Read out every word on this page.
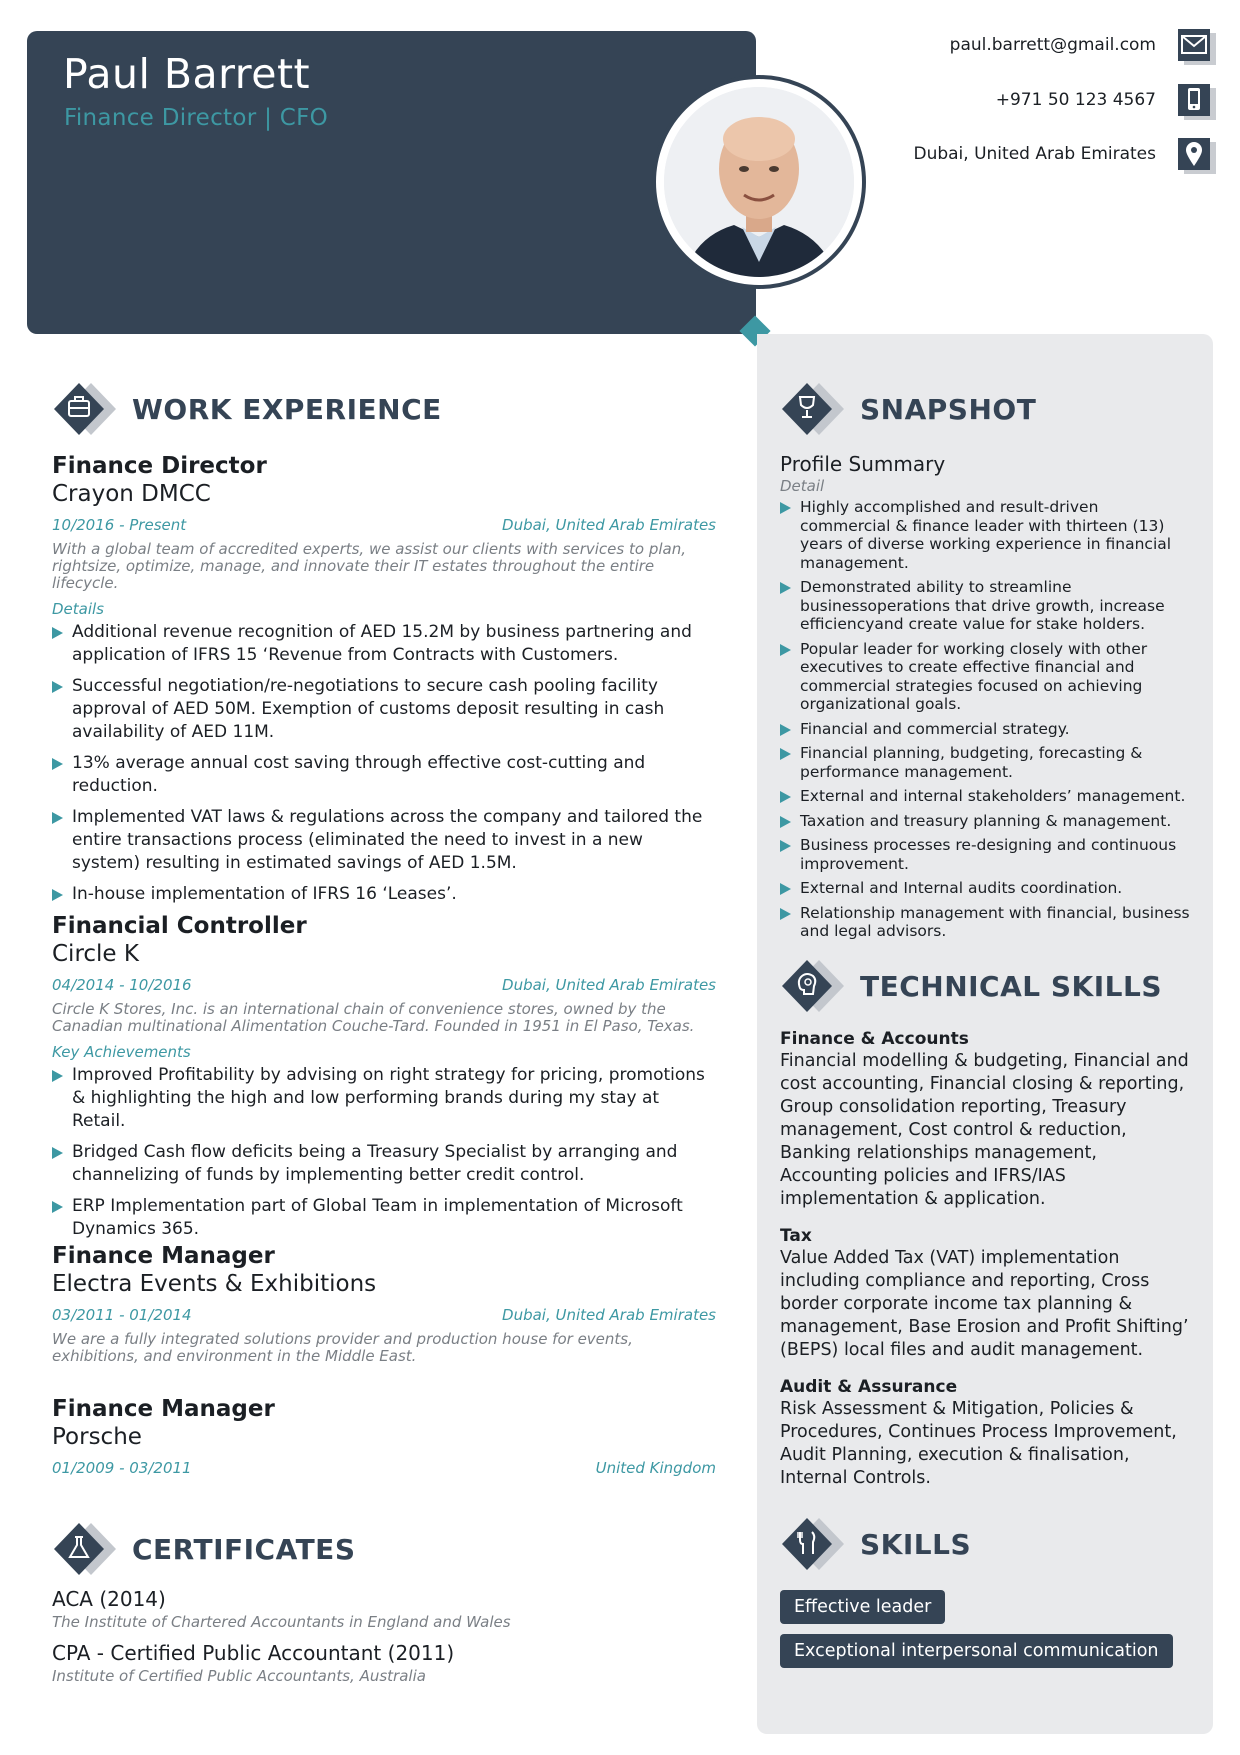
Paul Barrett
Finance Director | CFO
paul.barrett@gmail.com
+971 50 123 4567
Dubai, United Arab Emirates
WORK EXPERIENCE
Finance Director
Crayon DMCC
10/2016 - Present	Dubai, United Arab Emirates
With a global team of accredited experts, we assist our clients with services to plan, rightsize, optimize, manage, and innovate their IT estates throughout the entire lifecycle.
Details
Additional revenue recognition of AED 15.2M by business partnering and application of IFRS 15 ‘Revenue from Contracts with Customers.
Successful negotiation/re-negotiations to secure cash pooling facility approval of AED 50M. Exemption of customs deposit resulting in cash availability of AED 11M.
13% average annual cost saving through effective cost-cutting and reduction.
Implemented VAT laws & regulations across the company and tailored the entire transactions process (eliminated the need to invest in a new system) resulting in estimated savings of AED 1.5M.
In-house implementation of IFRS 16 ‘Leases’.
Financial Controller
Circle K
04/2014 - 10/2016	Dubai, United Arab Emirates
Circle K Stores, Inc. is an international chain of convenience stores, owned by the Canadian multinational Alimentation Couche-Tard. Founded in 1951 in El Paso, Texas.
Key Achievements
Improved Profitability by advising on right strategy for pricing, promotions & highlighting the high and low performing brands during my stay at Retail.
Bridged Cash flow deficits being a Treasury Specialist by arranging and channelizing of funds by implementing better credit control.
ERP Implementation part of Global Team in implementation of Microsoft Dynamics 365.
Finance Manager
Electra Events & Exhibitions
03/2011 - 01/2014	Dubai, United Arab Emirates
We are a fully integrated solutions provider and production house for events, exhibitions, and environment in the Middle East.
Finance Manager
Porsche
01/2009 - 03/2011	United Kingdom
CERTIFICATES
ACA (2014)
The Institute of Chartered Accountants in England and Wales
CPA - Certified Public Accountant (2011)
Institute of Certified Public Accountants, Australia
SNAPSHOT
Profile Summary
Detail
Highly accomplished and result-driven commercial & finance leader with thirteen (13) years of diverse working experience in financial management.
Demonstrated ability to streamline businessoperations that drive growth, increase efficiencyand create value for stake holders.
Popular leader for working closely with other executives to create effective financial and commercial strategies focused on achieving organizational goals.
Financial and commercial strategy.
Financial planning, budgeting, forecasting & performance management.
External and internal stakeholders’ management.
Taxation and treasury planning & management.
Business processes re-designing and continuous improvement.
External and Internal audits coordination.
Relationship management with financial, business and legal advisors.
TECHNICAL SKILLS
Finance & Accounts
Financial modelling & budgeting, Financial and cost accounting, Financial closing & reporting, Group consolidation reporting, Treasury management, Cost control & reduction, Banking relationships management, Accounting policies and IFRS/IAS implementation & application.
Tax
Value Added Tax (VAT) implementation including compliance and reporting, Cross border corporate income tax planning & management, Base Erosion and Profit Shifting’ (BEPS) local files and audit management.
Audit & Assurance
Risk Assessment & Mitigation, Policies & Procedures, Continues Process Improvement, Audit Planning, execution & finalisation, Internal Controls.
SKILLS
Effective leader
Exceptional interpersonal communication
